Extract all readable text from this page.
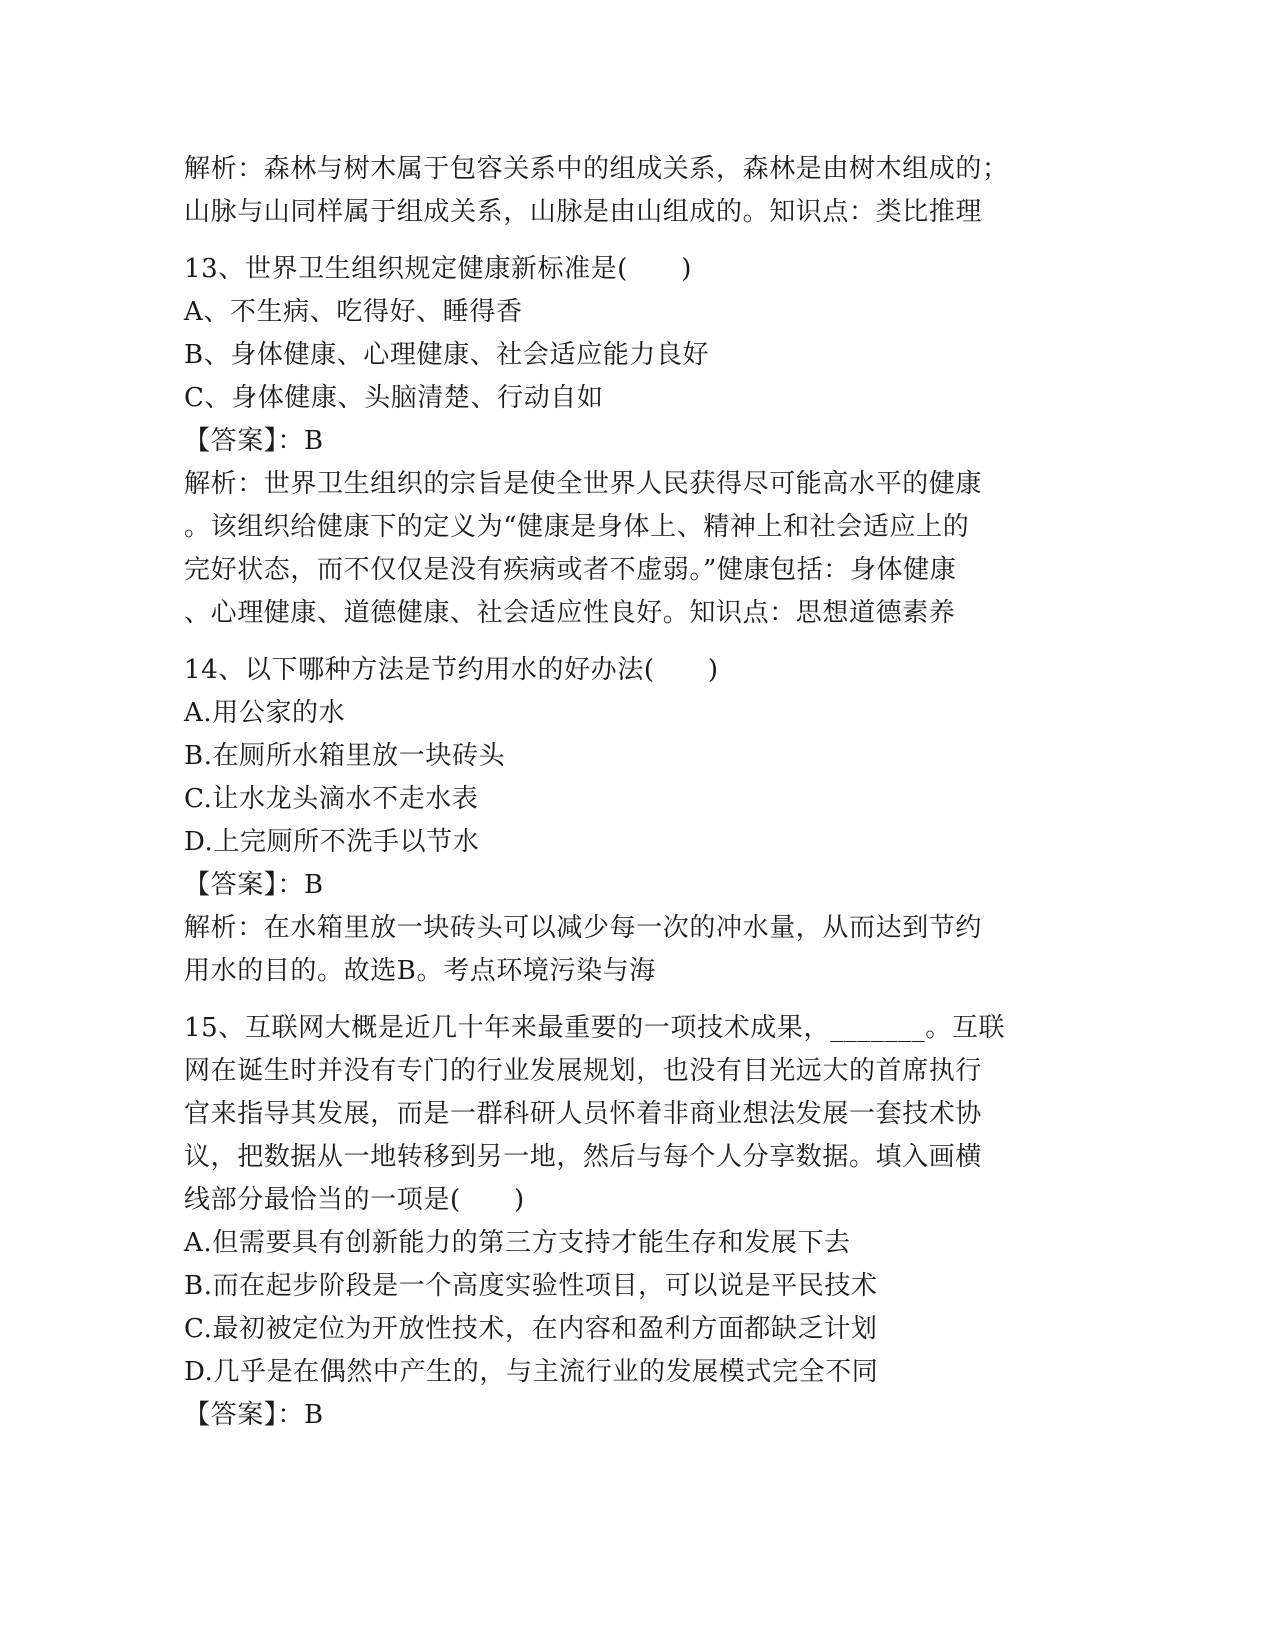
解析：森林与树木属于包容关系中的组成关系，森林是由树木组成的；
山脉与山同样属于组成关系，山脉是由山组成的。知识点：类比推理
13、世界卫生组织规定健康新标准是(　　)
A、不生病、吃得好、睡得香
B、身体健康、心理健康、社会适应能力良好
C、身体健康、头脑清楚、行动自如
【答案】：B
解析：世界卫生组织的宗旨是使全世界人民获得尽可能高水平的健康
。该组织给健康下的定义为“健康是身体上、精神上和社会适应上的
完好状态，而不仅仅是没有疾病或者不虚弱。”健康包括：身体健康
、心理健康、道德健康、社会适应性良好。知识点：思想道德素养
14、以下哪种方法是节约用水的好办法(　　)
A.用公家的水
B.在厕所水箱里放一块砖头
C.让水龙头滴水不走水表
D.上完厕所不洗手以节水
【答案】：B
解析：在水箱里放一块砖头可以减少每一次的冲水量，从而达到节约
用水的目的。故选B。考点环境污染与海
15、互联网大概是近几十年来最重要的一项技术成果，_______。互联
网在诞生时并没有专门的行业发展规划，也没有目光远大的首席执行
官来指导其发展，而是一群科研人员怀着非商业想法发展一套技术协
议，把数据从一地转移到另一地，然后与每个人分享数据。填入画横
线部分最恰当的一项是(　　)
A.但需要具有创新能力的第三方支持才能生存和发展下去
B.而在起步阶段是一个高度实验性项目，可以说是平民技术
C.最初被定位为开放性技术，在内容和盈利方面都缺乏计划
D.几乎是在偶然中产生的，与主流行业的发展模式完全不同
【答案】：B
